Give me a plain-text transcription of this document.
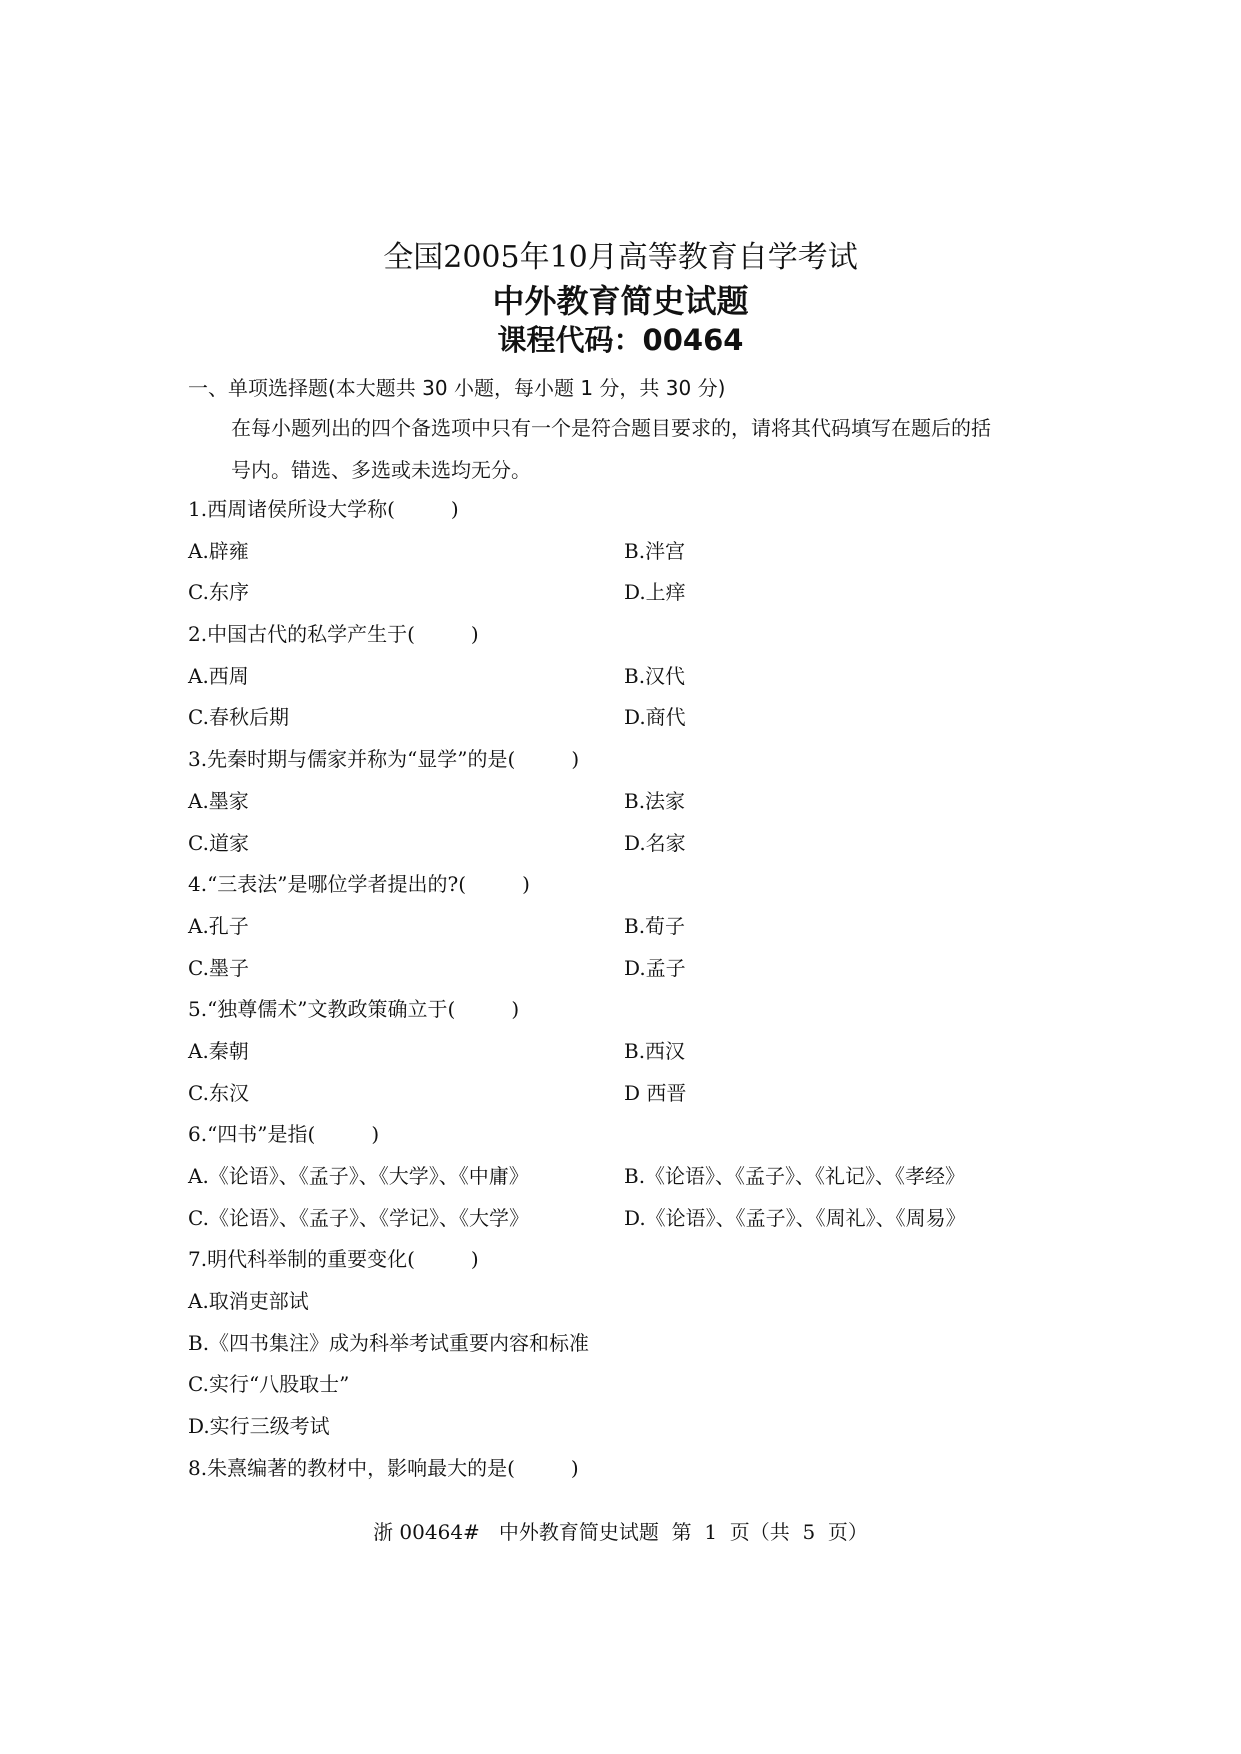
全国2005年10月高等教育自学考试
中外教育简史试题
课程代码：00464
一、单项选择题(本大题共 30 小题，每小题 1 分，共 30 分)
在每小题列出的四个备选项中只有一个是符合题目要求的，请将其代码填写在题后的括
号内。错选、多选或未选均无分。
1.西周诸侯所设大学称(	)
A.辟雍	B.泮宫
C.东序	D.上痒
2.中国古代的私学产生于(	)
A.西周	B.汉代
C.春秋后期	D.商代
3.先秦时期与儒家并称为“显学”的是(	)
A.墨家	B.法家
C.道家	D.名家
4.“三表法”是哪位学者提出的?(	)
A.孔子	B.荀子
C.墨子	D.孟子
5.“独尊儒术”文教政策确立于(	)
A.秦朝	B.西汉
C.东汉	D 西晋
6.“四书”是指(	)
A.《论语》、《孟子》、《大学》、《中庸》	B.《论语》、《孟子》、《礼记》、《孝经》
C.《论语》、《孟子》、《学记》、《大学》	D.《论语》、《孟子》、《周礼》、《周易》
7.明代科举制的重要变化(	)
A.取消吏部试
B.《四书集注》成为科举考试重要内容和标准
C.实行“八股取士”
D.实行三级考试
8.朱熹编著的教材中，影响最大的是(	)
浙 00464#   中外教育简史试题  第  1  页（共  5  页）
